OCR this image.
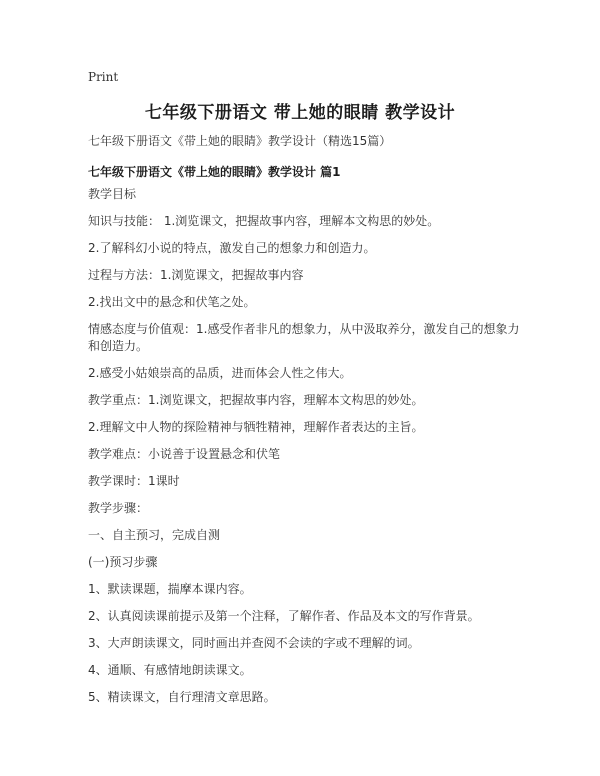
Print
七年级下册语文 带上她的眼睛 教学设计
七年级下册语文《带上她的眼睛》教学设计（精选15篇）
七年级下册语文《带上她的眼睛》教学设计 篇1

教学目标

知识与技能： 1.浏览课文，把握故事内容，理解本文构思的妙处。

2.了解科幻小说的特点，激发自己的想象力和创造力。

过程与方法：1.浏览课文，把握故事内容

2.找出文中的悬念和伏笔之处。

情感态度与价值观：1.感受作者非凡的想象力，从中汲取养分，激发自己的想象力和创造力。

2.感受小姑娘崇高的品质，进而体会人性之伟大。

教学重点：1.浏览课文，把握故事内容，理解本文构思的妙处。

2.理解文中人物的探险精神与牺牲精神，理解作者表达的主旨。

教学难点：小说善于设置悬念和伏笔

教学课时：1课时

教学步骤：

一、自主预习，完成自测

(一)预习步骤

1、默读课题，揣摩本课内容。

2、认真阅读课前提示及第一个注释，了解作者、作品及本文的写作背景。

3、大声朗读课文，同时画出并查阅不会读的字或不理解的词。

4、通顺、有感情地朗读课文。

5、精读课文，自行理清文章思路。
